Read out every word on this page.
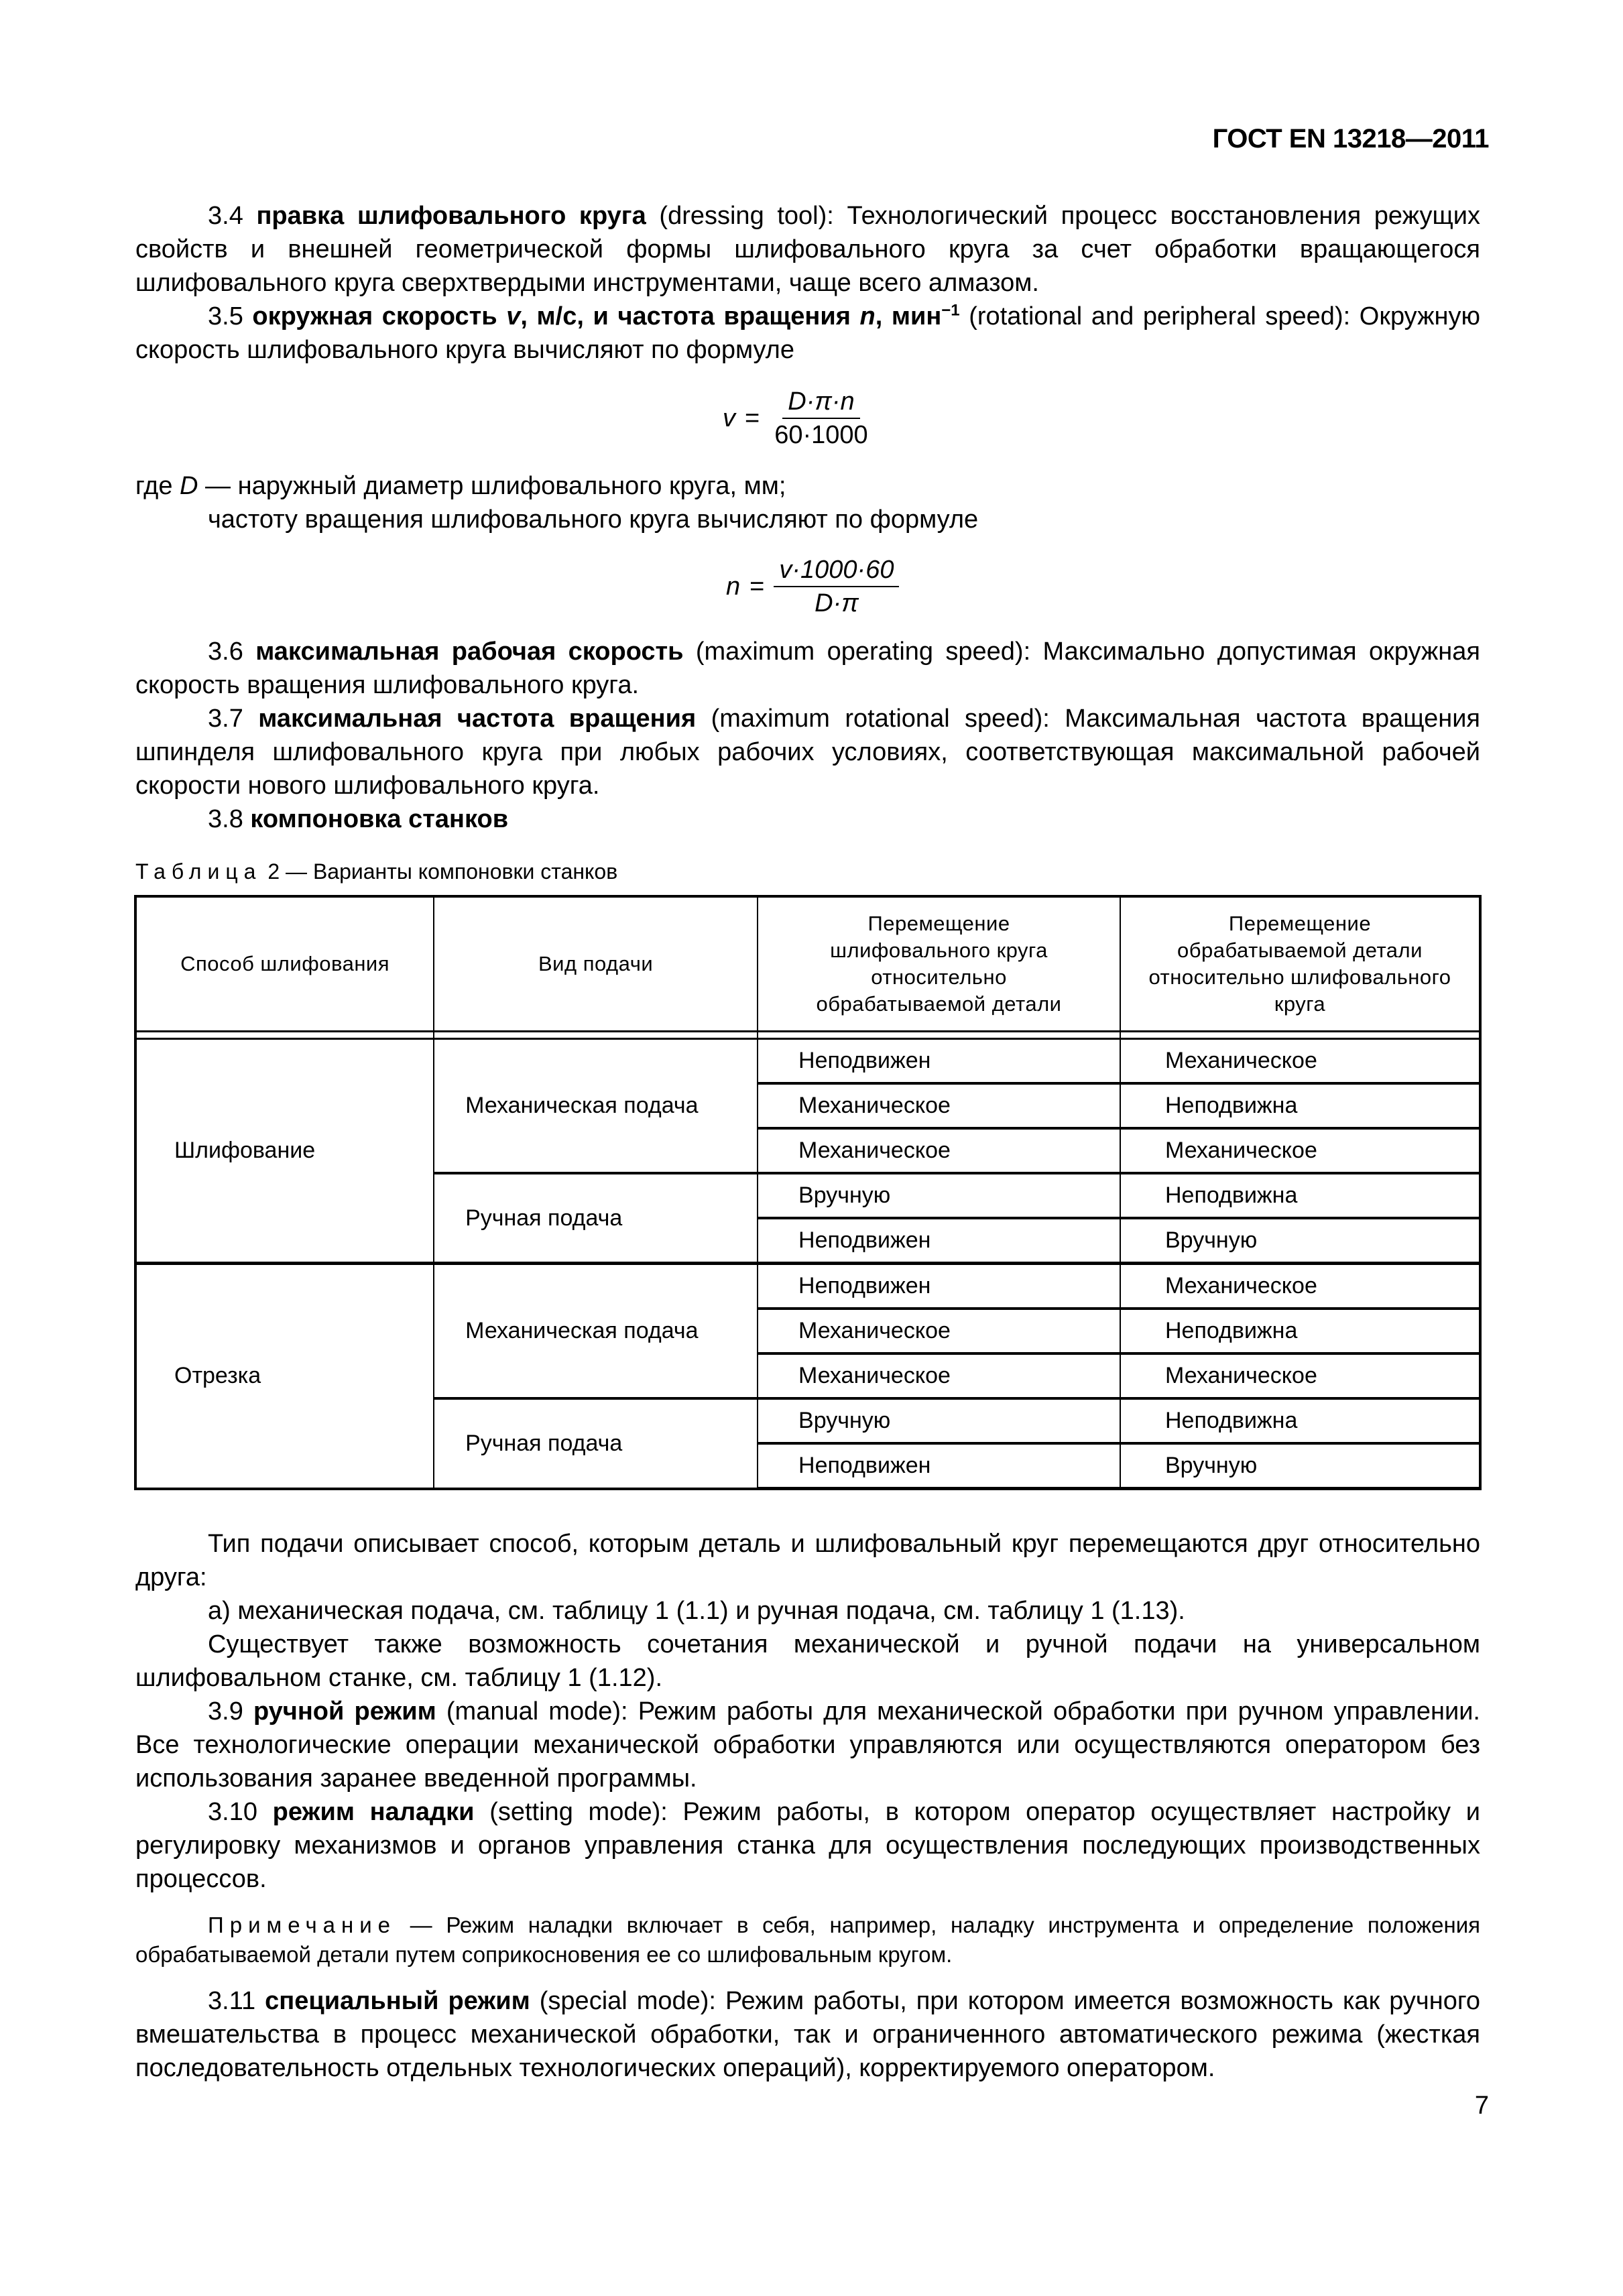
ГОСТ EN 13218—2011

3.4 правка шлифовального круга (dressing tool): Технологический процесс восстановления режущих свойств и внешней геометрической формы шлифовального круга за счет обработки вращающегося шлифовального круга сверхтвердыми инструментами, чаще всего алмазом.

3.5 окружная скорость v, м/с, и частота вращения n, мин$^{-1}$ (rotational and peripheral speed): Окружную скорость шлифовального круга вычисляют по формуле

$v = \frac{D\cdot\pi\cdot n}{60\cdot 1000}$

где D — наружный диаметр шлифовального круга, мм;

частоту вращения шлифовального круга вычисляют по формуле

$n = \frac{v\cdot 1000\cdot 60}{D\cdot\pi}$

3.6 максимальная рабочая скорость (maximum operating speed): Максимально допустимая окружная скорость вращения шлифовального круга.

3.7 максимальная частота вращения (maximum rotational speed): Максимальная частота вращения шпинделя шлифовального круга при любых рабочих условиях, соответствующая максимальной рабочей скорости нового шлифовального круга.

3.8 компоновка станков

Таблица 2 — Варианты компоновки станков
Способ шлифования	Вид подачи	Перемещение шлифовального круга относительно обрабатываемой детали	Перемещение обрабатываемой детали относительно шлифовального круга

Шлифование	Механическая подача	Неподвижен	Механическое
		Механическое	Неподвижна
		Механическое	Механическое
	Ручная подача	Вручную	Неподвижна
		Неподвижен	Вручную
Отрезка	Механическая подача	Неподвижен	Механическое
		Механическое	Неподвижна
		Механическое	Механическое
	Ручная подача	Вручную	Неподвижна
		Неподвижен	Вручную

Тип подачи описывает способ, которым деталь и шлифовальный круг перемещаются друг относительно друга:

а) механическая подача, см. таблицу 1 (1.1) и ручная подача, см. таблицу 1 (1.13).

Существует также возможность сочетания механической и ручной подачи на универсальном шлифовальном станке, см. таблицу 1 (1.12).

3.9 ручной режим (manual mode): Режим работы для механической обработки при ручном управлении. Все технологические операции механической обработки управляются или осуществляются оператором без использования заранее введенной программы.

3.10 режим наладки (setting mode): Режим работы, в котором оператор осуществляет настройку и регулировку механизмов и органов управления станка для осуществления последующих производственных процессов.

Примечание — Режим наладки включает в себя, например, наладку инструмента и определение положения обрабатываемой детали путем соприкосновения ее со шлифовальным кругом.

3.11 специальный режим (special mode): Режим работы, при котором имеется возможность как ручного вмешательства в процесс механической обработки, так и ограниченного автоматического режима (жесткая последовательность отдельных технологических операций), корректируемого оператором.

7
